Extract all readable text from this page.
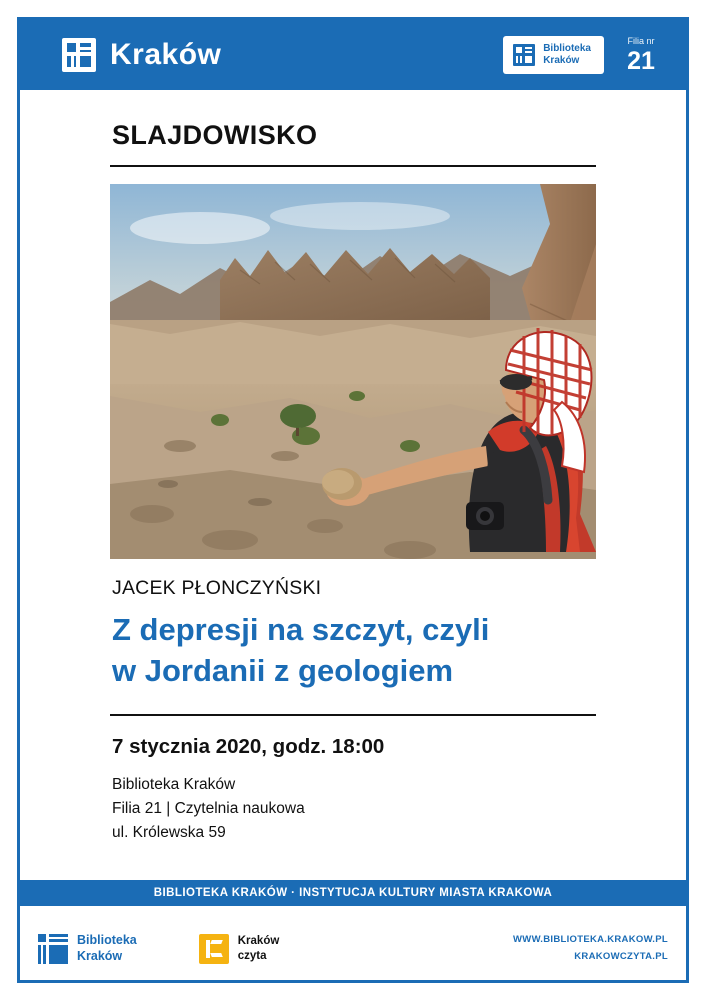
Kraków	Biblioteka
Kraków
Filia nr
21
SLAJDOWISKO
JACEK PŁONCZYŃSKI
Z depresji na szczyt, czyli
w Jordanii z geologiem
7 stycznia 2020, godz. 18:00
Biblioteka Kraków
Filia 21 | Czytelnia naukowa
ul. Królewska 59
BIBLIOTEKA KRAKÓW · INSTYTUCJA KULTURY MIASTA KRAKOWA
Biblioteka
Kraków
Kraków
czyta
WWW.BIBLIOTEKA.KRAKOW.PL
KRAKOWCZYTA.PL
